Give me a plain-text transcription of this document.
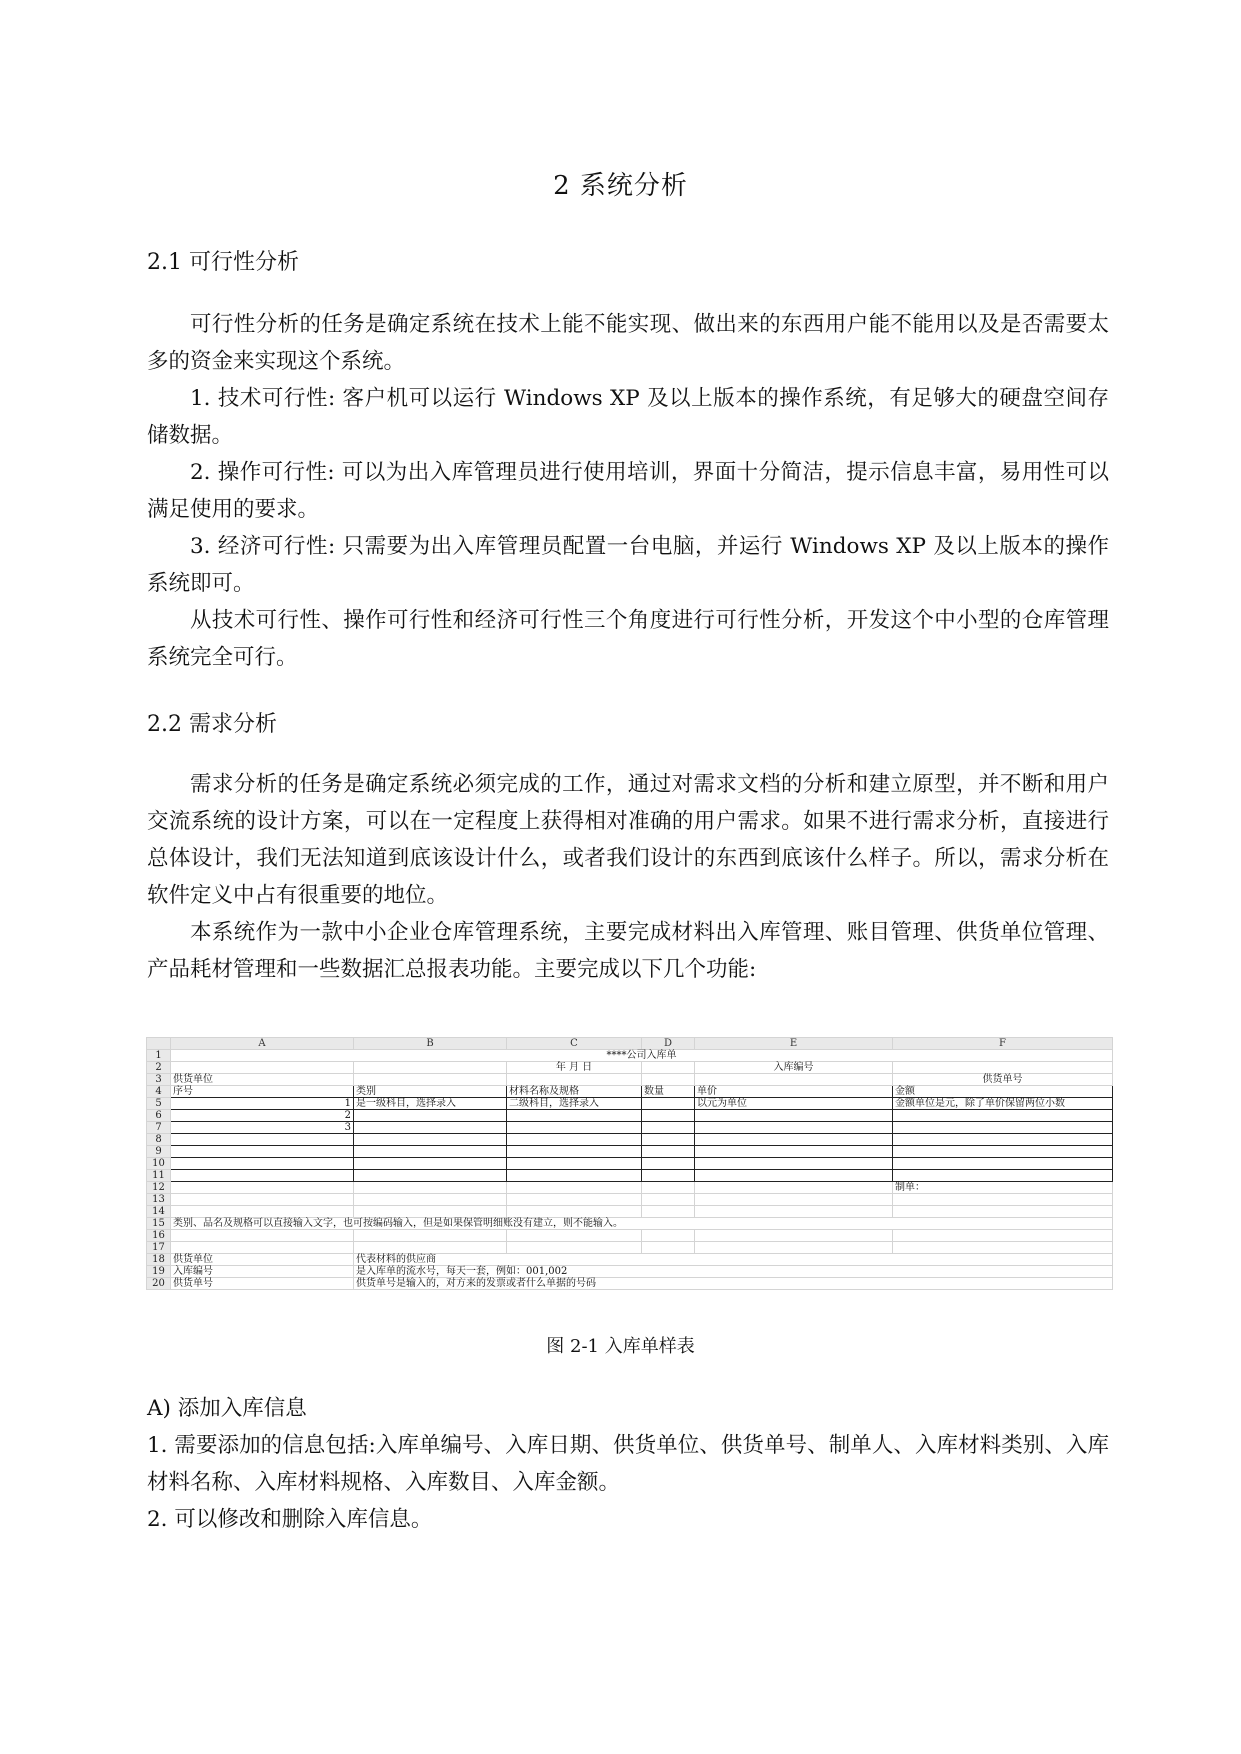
2 系统分析
2.1 可行性分析

可行性分析的任务是确定系统在技术上能不能实现、做出来的东西用户能不能用以及是否需要太多的资金来实现这个系统。

1. 技术可行性: 客户机可以运行 Windows XP 及以上版本的操作系统，有足够大的硬盘空间存储数据。

2. 操作可行性: 可以为出入库管理员进行使用培训，界面十分简洁，提示信息丰富，易用性可以满足使用的要求。

3. 经济可行性: 只需要为出入库管理员配置一台电脑，并运行 Windows XP 及以上版本的操作系统即可。

从技术可行性、操作可行性和经济可行性三个角度进行可行性分析，开发这个中小型的仓库管理系统完全可行。

2.2 需求分析

需求分析的任务是确定系统必须完成的工作，通过对需求文档的分析和建立原型，并不断和用户交流系统的设计方案，可以在一定程度上获得相对准确的用户需求。如果不进行需求分析，直接进行总体设计，我们无法知道到底该设计什么，或者我们设计的东西到底该什么样子。所以，需求分析在软件定义中占有很重要的地位。

本系统作为一款中小企业仓库管理系统，主要完成材料出入库管理、账目管理、供货单位管理、产品耗材管理和一些数据汇总报表功能。主要完成以下几个功能:

	A	B	C	D	E	F
1	****公司入库单					
2			年 月 日		入库编号	
3	供货单位					供货单号
4	序号	类别	材料名称及规格	数量	单价	金额
5	1	是一级科目，选择录入	二级科目，选择录入		以元为单位	金额单位是元，除了单价保留两位小数
6	2					
7	3					
8						
9						
10						
11						
12						制单：
13						
14						
15	类别、品名及规格可以直接输入文字，也可按编码输入，但是如果保管明细账没有建立，则不能输入。					
16						
17						
18	供货单位	代表材料的供应商				
19	入库编号	是入库单的流水号，每天一套，例如：001,002				
20	供货单号	供货单号是输入的，对方来的发票或者什么单据的号码				
图 2-1 入库单样表

A) 添加入库信息

1. 需要添加的信息包括:入库单编号、入库日期、供货单位、供货单号、制单人、入库材料类别、入库材料名称、入库材料规格、入库数目、入库金额。

2. 可以修改和删除入库信息。
